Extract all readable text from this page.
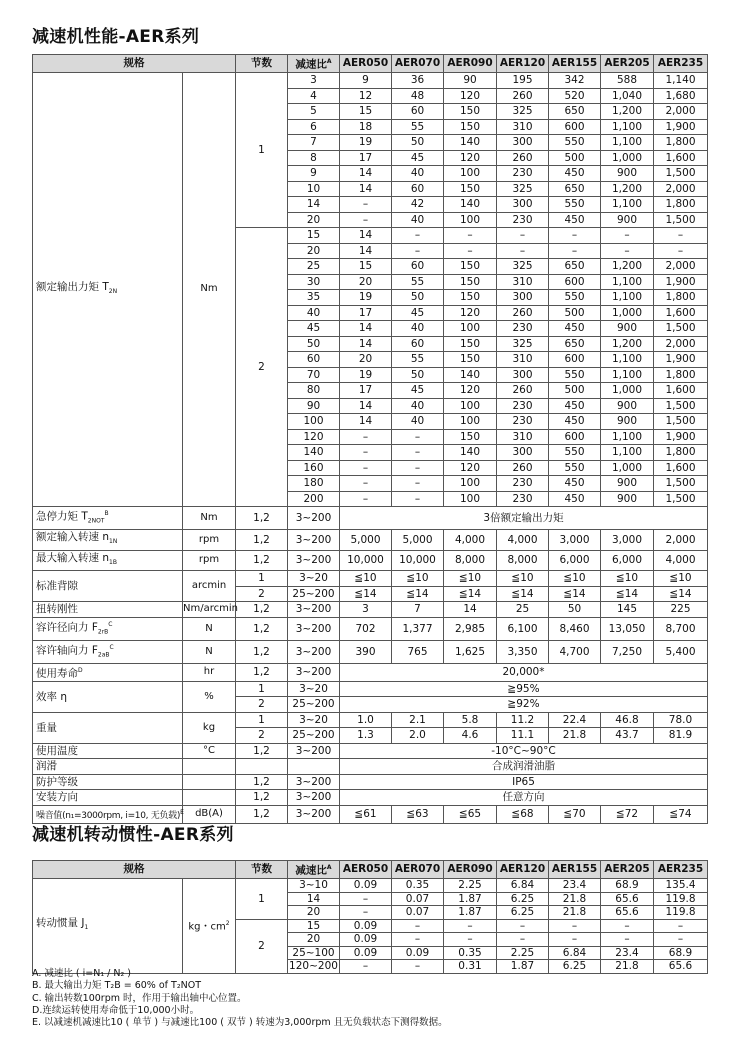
减速机性能-AER系列
规格		节数	减速比$^A$	AER050	AER070	AER090	AER120	AER155	AER205	AER235
额定输出力矩 $T_{2N}$	Nm	1	3	9	36	90	195	342	588	1,140
			4	12	48	120	260	520	1,040	1,680
			5	15	60	150	325	650	1,200	2,000
			6	18	55	150	310	600	1,100	1,900
			7	19	50	140	300	550	1,100	1,800
			8	17	45	120	260	500	1,000	1,600
			9	14	40	100	230	450	900	1,500
			10	14	60	150	325	650	1,200	2,000
			14	–	42	140	300	550	1,100	1,800
			20	–	40	100	230	450	900	1,500
		2	15	14	–	–	–	–	–	–
			20	14	–	–	–	–	–	–
			25	15	60	150	325	650	1,200	2,000
			30	20	55	150	310	600	1,100	1,900
			35	19	50	150	300	550	1,100	1,800
			40	17	45	120	260	500	1,000	1,600
			45	14	40	100	230	450	900	1,500
			50	14	60	150	325	650	1,200	2,000
			60	20	55	150	310	600	1,100	1,900
			70	19	50	140	300	550	1,100	1,800
			80	17	45	120	260	500	1,000	1,600
			90	14	40	100	230	450	900	1,500
			100	14	40	100	230	450	900	1,500
			120	–	–	150	310	600	1,100	1,900
			140	–	–	140	300	550	1,100	1,800
			160	–	–	120	260	550	1,000	1,600
			180	–	–	100	230	450	900	1,500
			200	–	–	100	230	450	900	1,500
急停力矩 $T_{2NOT}^B$	Nm	1,2	3~200	3倍额定输出力矩						
额定输入转速 $n_{1N}$	rpm	1,2	3~200	5,000	5,000	4,000	4,000	3,000	3,000	2,000
最大输入转速 $n_{1B}$	rpm	1,2	3~200	10,000	10,000	8,000	8,000	6,000	6,000	4,000
标准背隙	arcmin	1	3~20	≦10	≦10	≦10	≦10	≦10	≦10	≦10
		2	25~200	≦14	≦14	≦14	≦14	≦14	≦14	≦14
扭转刚性	Nm/arcmin	1,2	3~200	3	7	14	25	50	145	225
容许径向力 $F_{2rB}^C$	N	1,2	3~200	702	1,377	2,985	6,100	8,460	13,050	8,700
容许轴向力 $F_{2aB}^C$	N	1,2	3~200	390	765	1,625	3,350	4,700	7,250	5,400
使用寿命$^D$	hr	1,2	3~200	20,000*						
效率 η	%	1	3~20	≧95%						
		2	25~200	≧92%						
重量	kg	1	3~20	1.0	2.1	5.8	11.2	22.4	46.8	78.0
		2	25~200	1.3	2.0	4.6	11.1	21.8	43.7	81.9
使用温度	°C	1,2	3~200	-10°C~90°C						
润滑				合成润滑油脂						
防护等级		1,2	3~200	IP65						
安装方向		1,2	3~200	任意方向						
噪音值(n₁=3000rpm, i=10, 无负载)$^E$	dB(A)	1,2	3~200	≦61	≦63	≦65	≦68	≦70	≦72	≦74
减速机转动惯性-AER系列
规格		节数	减速比$^A$	AER050	AER070	AER090	AER120	AER155	AER205	AER235
转动惯量 $J_1$	kg・$cm^2$	1	3~10	0.09	0.35	2.25	6.84	23.4	68.9	135.4
			14	–	0.07	1.87	6.25	21.8	65.6	119.8
			20	–	0.07	1.87	6.25	21.8	65.6	119.8
		2	15	0.09	–	–	–	–	–	–
			20	0.09	–	–	–	–	–	–
			25~100	0.09	0.09	0.35	2.25	6.84	23.4	68.9
			120~200	–	–	0.31	1.87	6.25	21.8	65.6
A. 减速比 ( i=N₁ / N₂ )
B. 最大输出力矩 T₂B = 60% of T₂NOT
C. 输出转数100rpm 时，作用于输出轴中心位置。
D.连续运转使用寿命低于10,000小时。
E. 以减速机减速比10 ( 单节 ) 与减速比100 ( 双节 ) 转速为3,000rpm 且无负载状态下测得数据。
